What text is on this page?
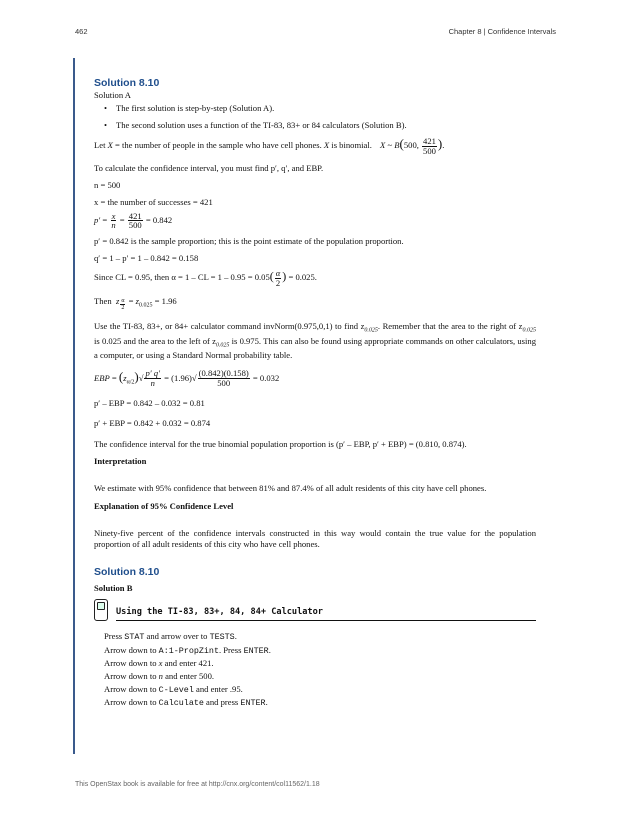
462	Chapter 8 | Confidence Intervals

Solution 8.10

Solution A

• The first solution is step-by-step (Solution A).
• The second solution uses a function of the TI-83, 83+ or 84 calculators (Solution B).

Let X = the number of people in the sample who have cell phones. X is binomial. X ~ B(500, $\frac{421}{500}$ ).

To calculate the confidence interval, you must find p′, q′, and EBP.

n = 500

x = the number of successes = 421

$p' = \frac{x}{n} = \frac{421}{500} = 0.842$

p′ = 0.842 is the sample proportion; this is the point estimate of the population proportion.

q′ = 1 – p′ = 1 – 0.842 = 0.158

Since CL = 0.95, then α = 1 – CL = $1 - 0.95 = 0.05( \frac{\alpha}{2}$ ) = 0.025.

Then  z $_{\frac{\alpha}{2}} = z_{0.025} = 1.96$

Use the TI-83, 83+, or 84+ calculator command invNorm(0.975,0,1) to find $z_{0.025}$. Remember that the area to the right of $z_{0.025}$ is 0.025 and the area to the left of $z_{0.025}$ is 0.975. This can also be found using appropriate commands on other calculators, using a computer, or using a Standard Normal probability table.

EBP = $(z_{\alpha/2})√ \frac{p' q'}{n} = (1.96)√ \frac{(0.842)(0.158)}{500} = 0.032$

p′ – EBP = 0.842 – 0.032 = 0.81

p′ + EBP = 0.842 + 0.032 = 0.874

The confidence interval for the true binomial population proportion is (p′ – EBP, p′ + EBP) = (0.810, 0.874).

Interpretation

We estimate with 95% confidence that between 81% and 87.4% of all adult residents of this city have cell phones.

Explanation of 95% Confidence Level

Ninety-five percent of the confidence intervals constructed in this way would contain the true value for the population proportion of all adult residents of this city who have cell phones.

Solution 8.10

Solution B

Using the TI-83, 83+, 84, 84+ Calculator

Press STAT and arrow over to TESTS.

Arrow down to A:1-PropZint. Press ENTER.

Arrow down to x and enter 421.

Arrow down to n and enter 500.

Arrow down to C-Level and enter .95.

Arrow down to Calculate and press ENTER.

This OpenStax book is available for free at http://cnx.org/content/col11562/1.18
